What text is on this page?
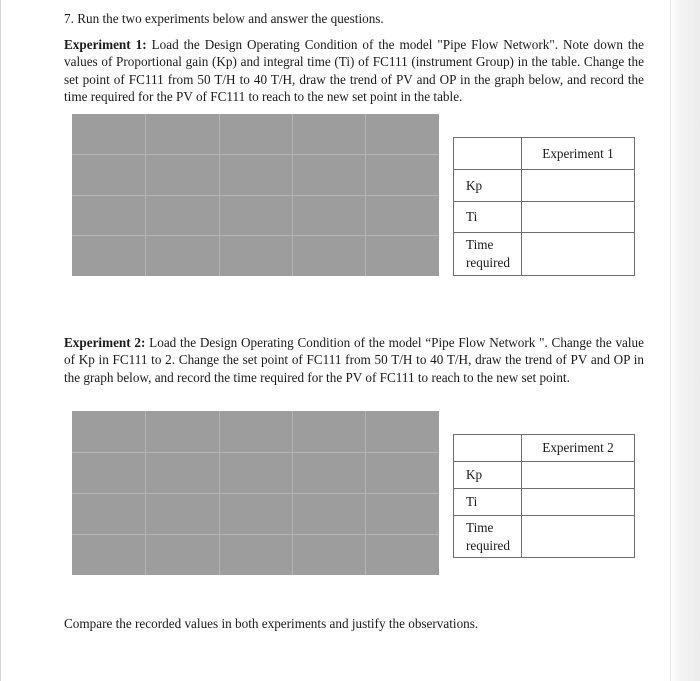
7. Run the two experiments below and answer the questions.
Experiment 1: Load the Design Operating Condition of the model "Pipe Flow Network". Note down the values of Proportional gain (Kp) and integral time (Ti) of FC111 (instrument Group) in the table. Change the set point of FC111 from 50 T/H to 40 T/H, draw the trend of PV and OP in the graph below, and record the time required for the PV of FC111 to reach to the new set point in the table.
	Experiment 1
Kp	
Ti	
Time required	
Experiment 2: Load the Design Operating Condition of the model “Pipe Flow Network ". Change the value of Kp in FC111 to 2. Change the set point of FC111 from 50 T/H to 40 T/H, draw the trend of PV and OP in the graph below, and record the time required for the PV of FC111 to reach to the new set point.
	Experiment 2
Kp	
Ti	
Time required	
Compare the recorded values in both experiments and justify the observations.
